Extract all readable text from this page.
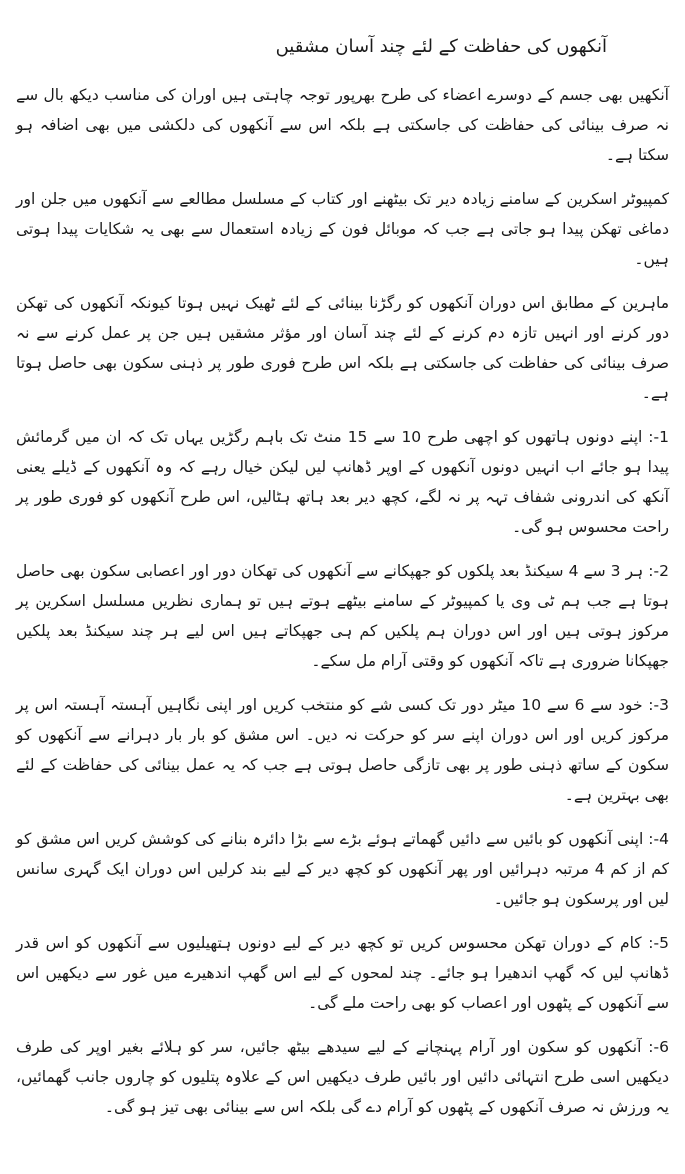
آنکھوں کی حفاظت کے لئے چند آسان مشقیں

آنکھیں بھی جسم کے دوسرے اعضاء کی طرح بھرپور توجہ چاہتی ہیں اوران کی مناسب دیکھ بال سے نہ صرف بینائی کی حفاظت کی جاسکتی ہے بلکہ اس سے آنکھوں کی دلکشی میں بھی اضافہ ہو سکتا ہے۔

کمپیوٹر اسکرین کے سامنے زیادہ دیر تک بیٹھنے اور کتاب کے مسلسل مطالعے سے آنکھوں میں جلن اور دماغی تھکن پیدا ہو جاتی ہے جب کہ موبائل فون کے زیادہ استعمال سے بھی یہ شکایات پیدا ہوتی ہیں۔

ماہرین کے مطابق اس دوران آنکھوں کو رگڑنا بینائی کے لئے ٹھیک نہیں ہوتا کیونکہ آنکھوں کی تھکن دور کرنے اور انہیں تازہ دم کرنے کے لئے چند آسان اور مؤثر مشقیں ہیں جن پر عمل کرنے سے نہ صرف بینائی کی حفاظت کی جاسکتی ہے بلکہ اس طرح فوری طور پر ذہنی سکون بھی حاصل ہوتا ہے۔

1-: اپنے دونوں ہاتھوں کو اچھی طرح 10 سے 15 منٹ تک باہم رگڑیں یہاں تک کہ ان میں گرمائش پیدا ہو جائے اب انہیں دونوں آنکھوں کے اوپر ڈھانپ لیں لیکن خیال رہے کہ وہ آنکھوں کے ڈیلے یعنی آنکھ کی اندرونی شفاف تہہ پر نہ لگے، کچھ دیر بعد ہاتھ ہٹالیں، اس طرح آنکھوں کو فوری طور پر راحت محسوس ہو گی۔

2-: ہر 3 سے 4 سیکنڈ بعد پلکوں کو جھپکانے سے آنکھوں کی تھکان دور اور اعصابی سکون بھی حاصل ہوتا ہے جب ہم ٹی وی یا کمپیوٹر کے سامنے بیٹھے ہوتے ہیں تو ہماری نظریں مسلسل اسکرین پر مرکوز ہوتی ہیں اور اس دوران ہم پلکیں کم ہی جھپکاتے ہیں اس لیے ہر چند سیکنڈ بعد پلکیں جھپکانا ضروری ہے تاکہ آنکھوں کو وقتی آرام مل سکے۔

3-: خود سے 6 سے 10 میٹر دور تک کسی شے کو منتخب کریں اور اپنی نگاہیں آہستہ آہستہ اس پر مرکوز کریں اور اس دوران اپنے سر کو حرکت نہ دیں۔ اس مشق کو بار بار دہرانے سے آنکھوں کو سکون کے ساتھ ذہنی طور پر بھی تازگی حاصل ہوتی ہے جب کہ یہ عمل بینائی کی حفاظت کے لئے بھی بہترین ہے۔

4-: اپنی آنکھوں کو بائیں سے دائیں گھماتے ہوئے بڑے سے بڑا دائرہ بنانے کی کوشش کریں اس مشق کو کم از کم 4 مرتبہ دہرائیں اور پھر آنکھوں کو کچھ دیر کے لیے بند کرلیں اس دوران ایک گہری سانس لیں اور پرسکون ہو جائیں۔

5-: کام کے دوران تھکن محسوس کریں تو کچھ دیر کے لیے دونوں ہتھیلیوں سے آنکھوں کو اس قدر ڈھانپ لیں کہ گھپ اندھیرا ہو جائے۔ چند لمحوں کے لیے اس گھپ اندھیرے میں غور سے دیکھیں اس سے آنکھوں کے پٹھوں اور اعصاب کو بھی راحت ملے گی۔

6-: آنکھوں کو سکون اور آرام پہنچانے کے لیے سیدھے بیٹھ جائیں، سر کو ہلائے بغیر اوپر کی طرف دیکھیں اسی طرح انتہائی دائیں اور بائیں طرف دیکھیں اس کے علاوہ پتلیوں کو چاروں جانب گھمائیں، یہ ورزش نہ صرف آنکھوں کے پٹھوں کو آرام دے گی بلکہ اس سے بینائی بھی تیز ہو گی۔
